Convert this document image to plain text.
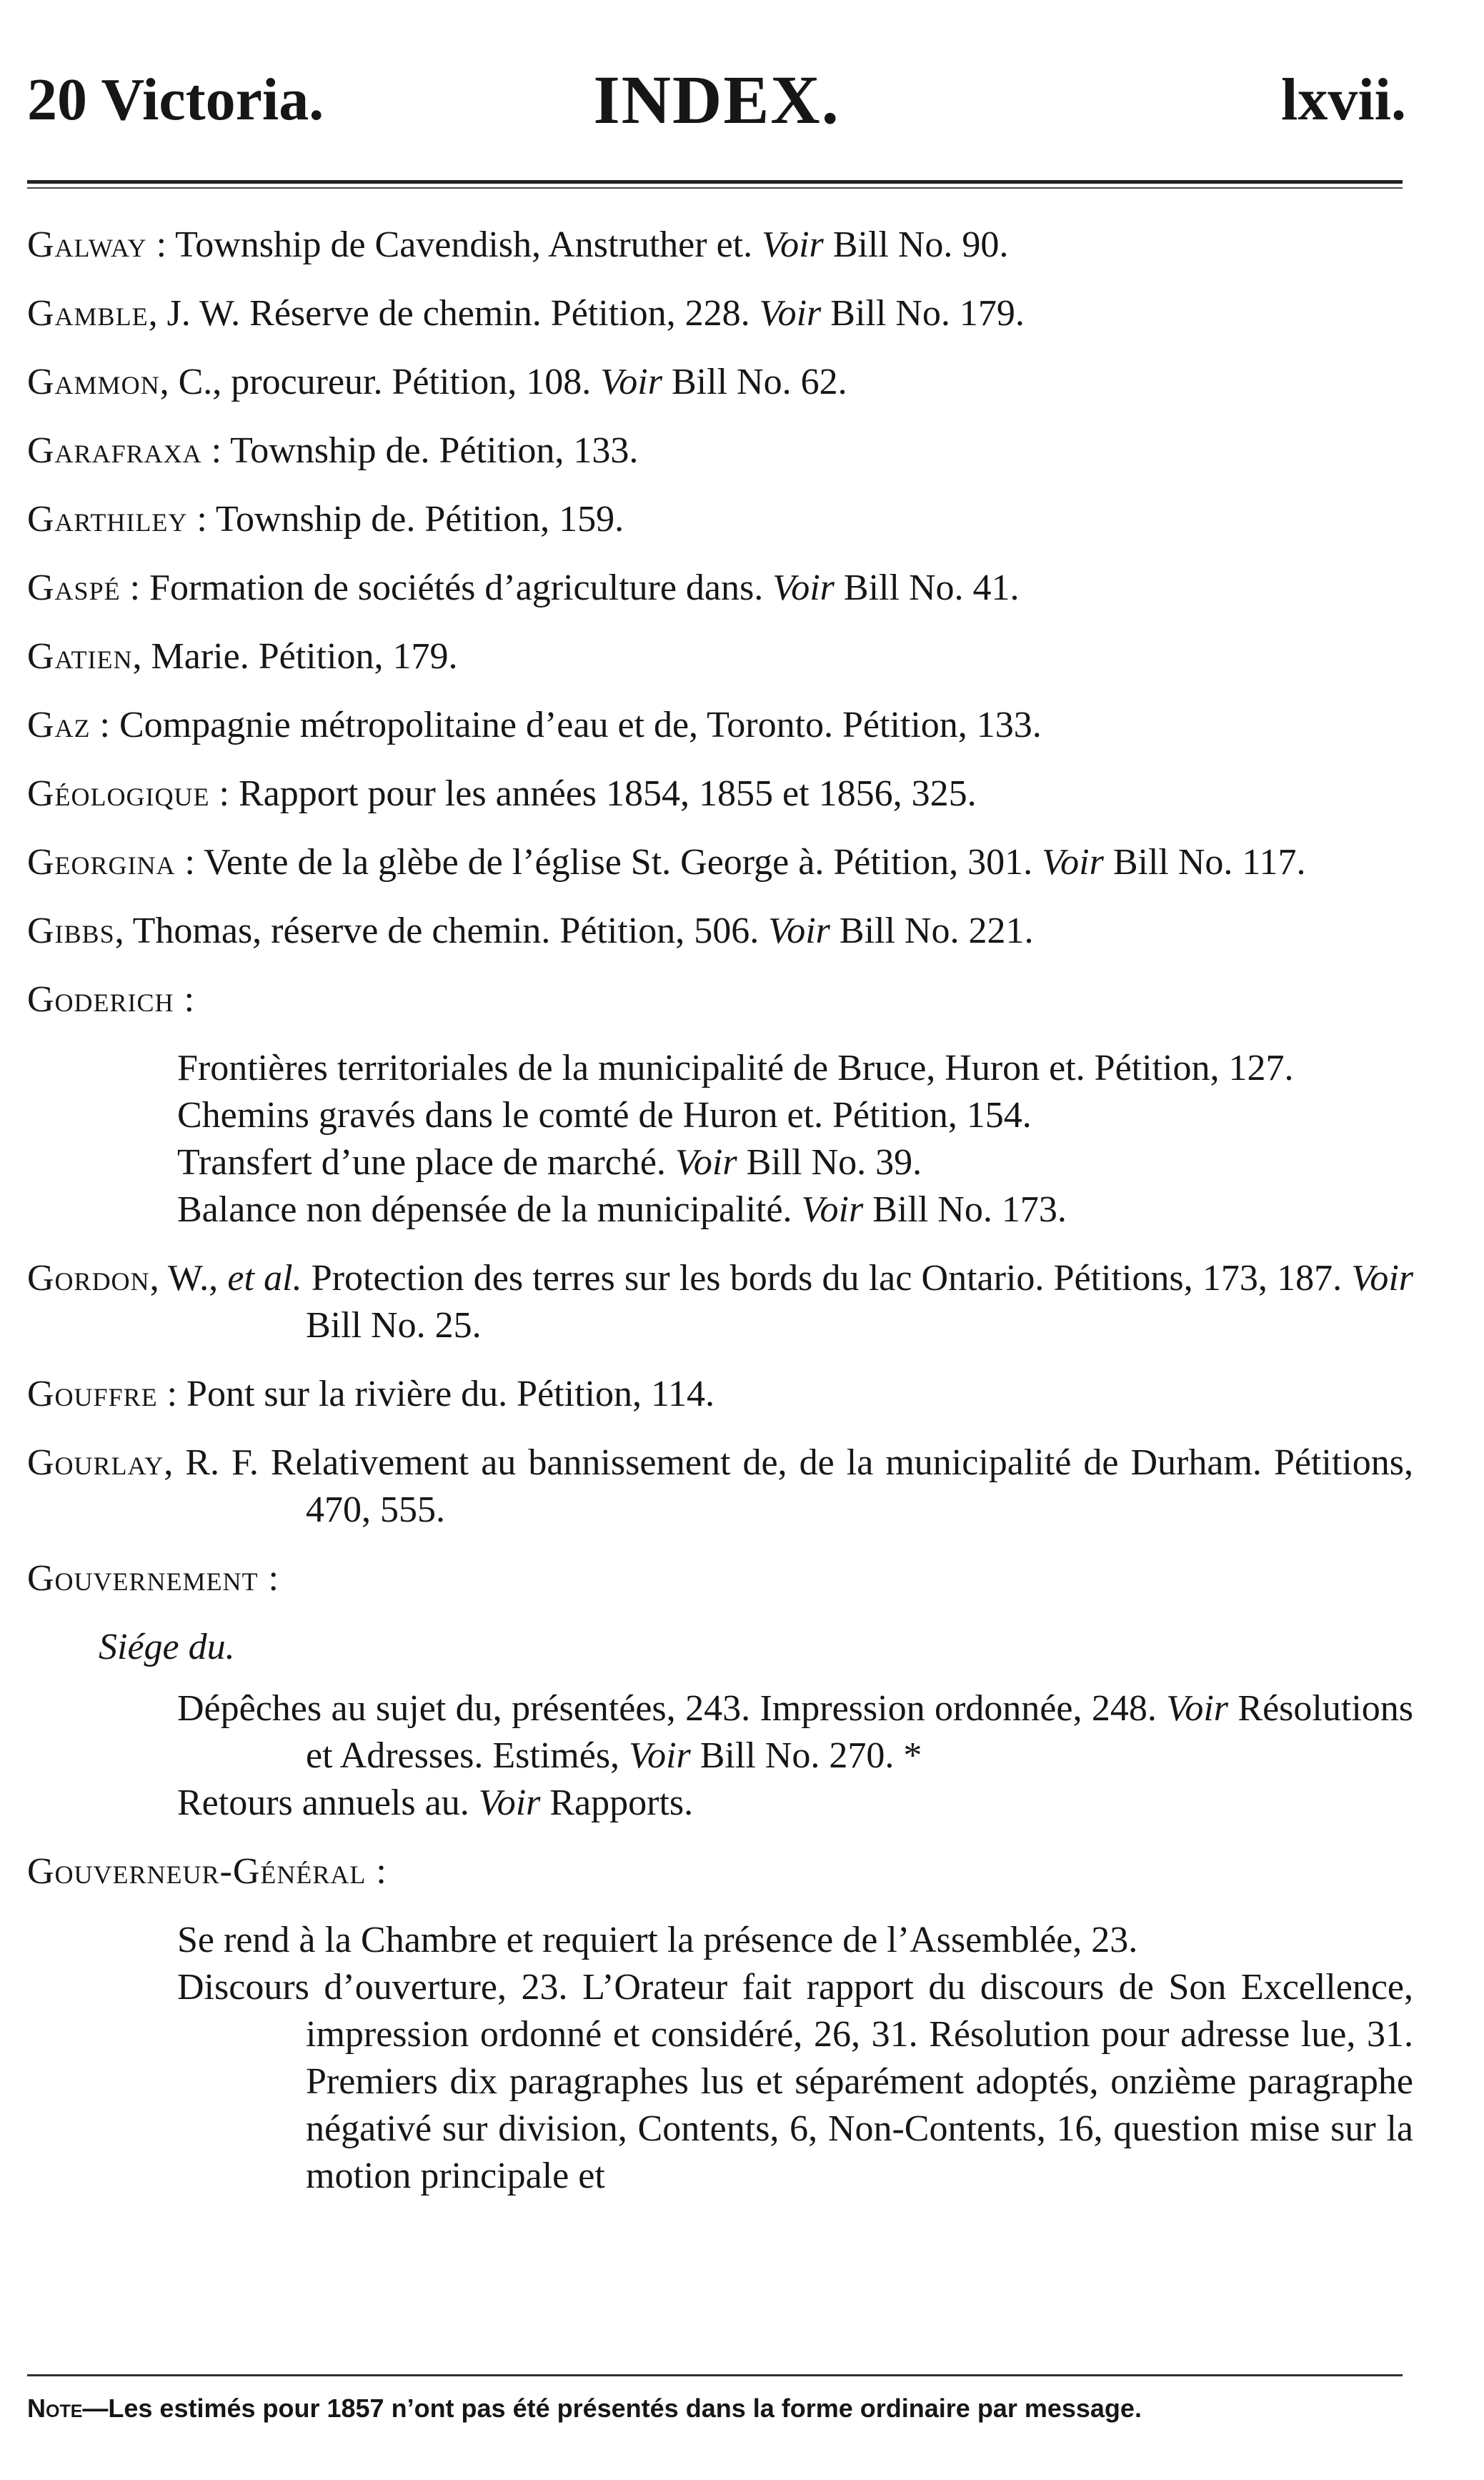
20 Victoria.	INDEX.	lxvii.
Galway : Township de Cavendish, Anstruther et. Voir Bill No. 90.
Gamble, J. W. Réserve de chemin. Pétition, 228. Voir Bill No. 179.
Gammon, C., procureur. Pétition, 108. Voir Bill No. 62.
Garafraxa : Township de. Pétition, 133.
Garthiley : Township de. Pétition, 159.
Gaspé : Formation de sociétés d’agriculture dans. Voir Bill No. 41.
Gatien, Marie. Pétition, 179.
Gaz : Compagnie métropolitaine d’eau et de, Toronto. Pétition, 133.
Géologique : Rapport pour les années 1854, 1855 et 1856, 325.
Georgina : Vente de la glèbe de l’église St. George à. Pétition, 301. Voir Bill No. 117.
Gibbs, Thomas, réserve de chemin. Pétition, 506. Voir Bill No. 221.
Goderich :
Frontières territoriales de la municipalité de Bruce, Huron et. Pétition, 127.
Chemins gravés dans le comté de Huron et. Pétition, 154.
Transfert d’une place de marché. Voir Bill No. 39.
Balance non dépensée de la municipalité. Voir Bill No. 173.
Gordon, W., et al. Protection des terres sur les bords du lac Ontario. Pétitions, 173, 187. Voir Bill No. 25.
Gouffre : Pont sur la rivière du. Pétition, 114.
Gourlay, R. F. Relativement au bannissement de, de la municipalité de Durham. Pétitions, 470, 555.
Gouvernement :
Siége du.
Dépêches au sujet du, présentées, 243. Impression ordonnée, 248. Voir Résolutions et Adresses. Estimés, Voir Bill No. 270. *
Retours annuels au. Voir Rapports.
Gouverneur-Général :
Se rend à la Chambre et requiert la présence de l’Assemblée, 23.
Discours d’ouverture, 23. L’Orateur fait rapport du discours de Son Excellence, impression ordonné et considéré, 26, 31. Résolution pour adresse lue, 31. Premiers dix paragraphes lus et séparément adoptés, onzième paragraphe négativé sur division, Contents, 6, Non-Contents, 16, question mise sur la motion principale et
Note—Les estimés pour 1857 n’ont pas été présentés dans la forme ordinaire par message.
